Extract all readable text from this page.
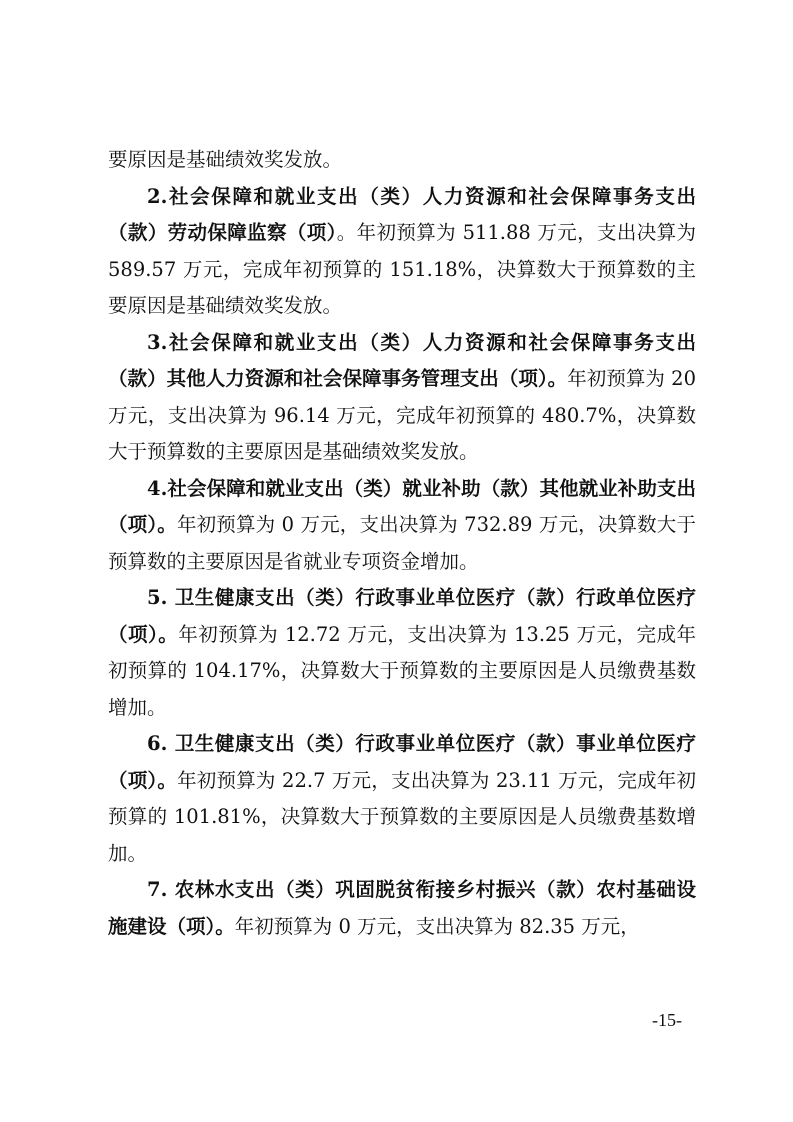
要原因是基础绩效奖发放。

2.社会保障和就业支出（类）人力资源和社会保障事务支出（款）劳动保障监察（项）。年初预算为 511.88 万元，支出决算为 589.57 万元，完成年初预算的 151.18%，决算数大于预算数的主要原因是基础绩效奖发放。

3.社会保障和就业支出（类）人力资源和社会保障事务支出（款）其他人力资源和社会保障事务管理支出（项）。年初预算为 20 万元，支出决算为 96.14 万元，完成年初预算的 480.7%，决算数大于预算数的主要原因是基础绩效奖发放。

4.社会保障和就业支出（类）就业补助（款）其他就业补助支出（项）。年初预算为 0 万元，支出决算为 732.89 万元，决算数大于预算数的主要原因是省就业专项资金增加。

5. 卫生健康支出（类）行政事业单位医疗（款）行政单位医疗（项）。年初预算为 12.72 万元，支出决算为 13.25 万元，完成年初预算的 104.17%，决算数大于预算数的主要原因是人员缴费基数增加。

6. 卫生健康支出（类）行政事业单位医疗（款）事业单位医疗（项）。年初预算为 22.7 万元，支出决算为 23.11 万元，完成年初预算的 101.81%，决算数大于预算数的主要原因是人员缴费基数增加。

7. 农林水支出（类）巩固脱贫衔接乡村振兴（款）农村基础设施建设（项）。年初预算为 0 万元，支出决算为 82.35 万元，

-15-
